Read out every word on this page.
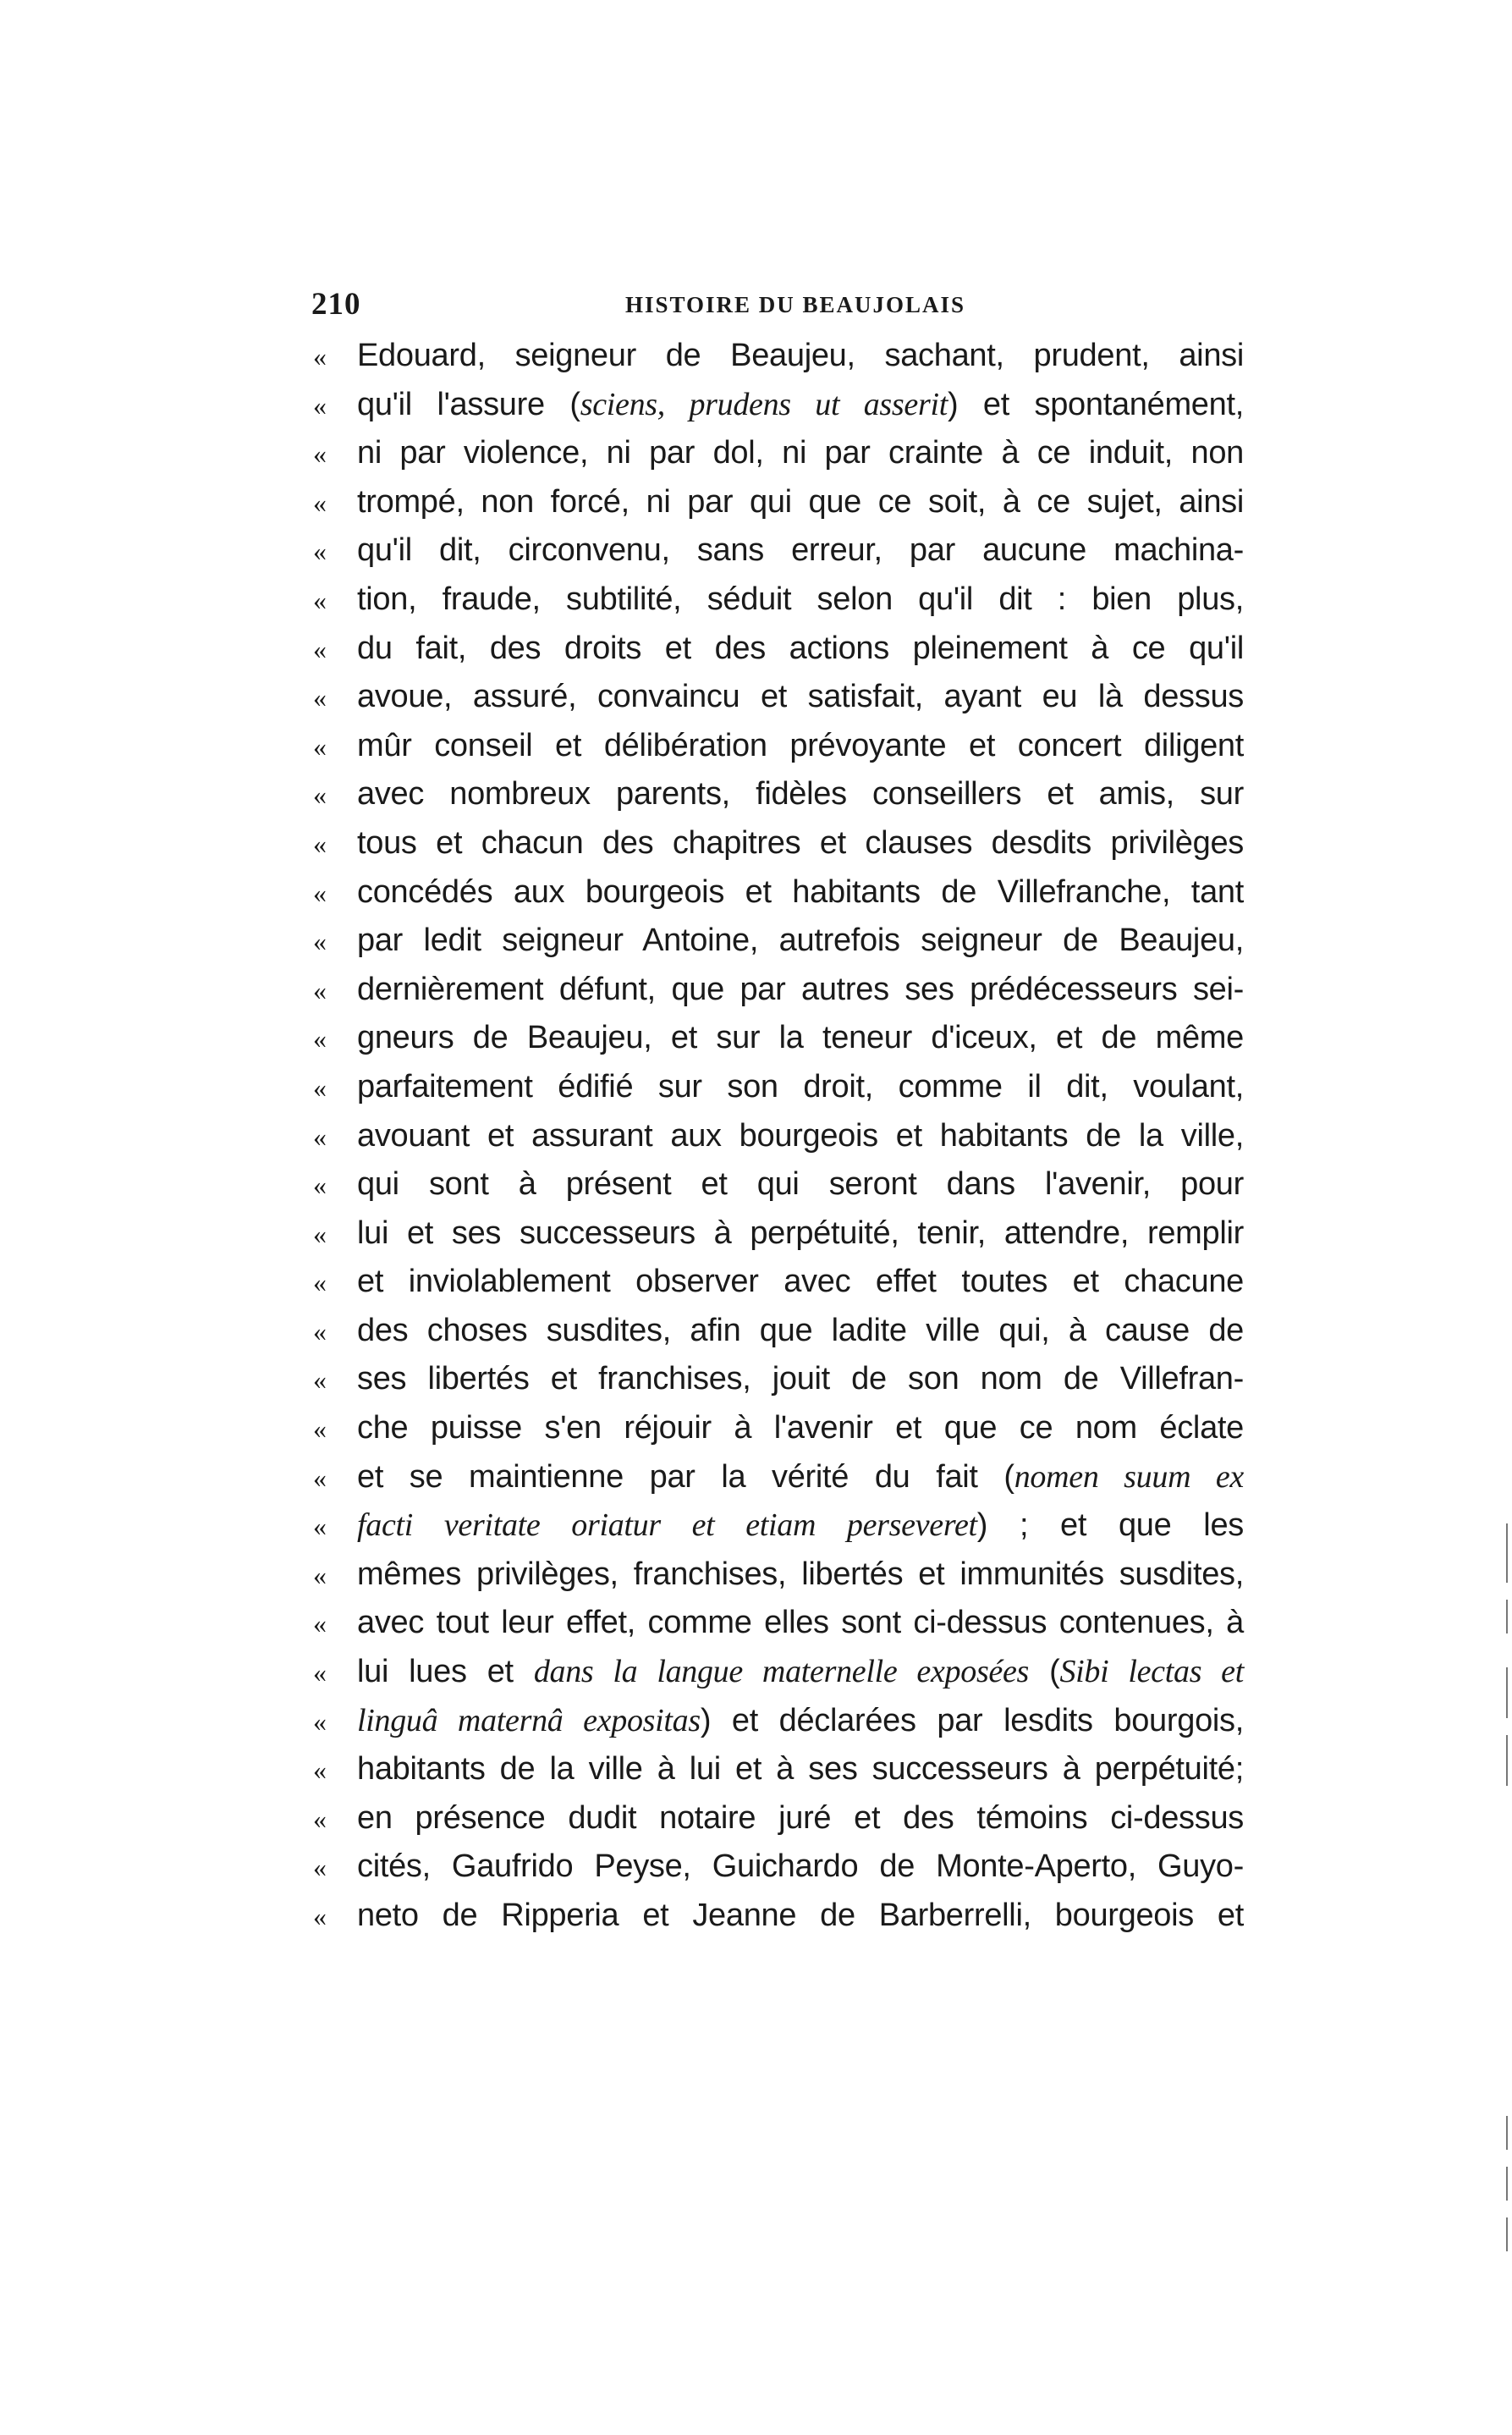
210	HISTOIRE DU BEAUJOLAIS
« Edouard, seigneur de Beaujeu, sachant, prudent, ainsi
« qu'il l'assure (sciens, prudens ut asserit) et spontanément,
« ni par violence, ni par dol, ni par crainte à ce induit, non
« trompé, non forcé, ni par qui que ce soit, à ce sujet, ainsi
« qu'il dit, circonvenu, sans erreur, par aucune machina-
« tion, fraude, subtilité, séduit selon qu'il dit : bien plus,
« du fait, des droits et des actions pleinement à ce qu'il
« avoue, assuré, convaincu et satisfait, ayant eu là dessus
« mûr conseil et délibération prévoyante et concert diligent
« avec nombreux parents, fidèles conseillers et amis, sur
« tous et chacun des chapitres et clauses desdits privilèges
« concédés aux bourgeois et habitants de Villefranche, tant
« par ledit seigneur Antoine, autrefois seigneur de Beaujeu,
« dernièrement défunt, que par autres ses prédécesseurs sei-
« gneurs de Beaujeu, et sur la teneur d'iceux, et de même
« parfaitement édifié sur son droit, comme il dit, voulant,
« avouant et assurant aux bourgeois et habitants de la ville,
« qui sont à présent et qui seront dans l'avenir, pour
« lui et ses successeurs à perpétuité, tenir, attendre, remplir
« et inviolablement observer avec effet toutes et chacune
« des choses susdites, afin que ladite ville qui, à cause de
« ses libertés et franchises, jouit de son nom de Villefran-
« che puisse s'en réjouir à l'avenir et que ce nom éclate
« et se maintienne par la vérité du fait (nomen suum ex
« facti veritate oriatur et etiam perseveret) ; et que les
« mêmes privilèges, franchises, libertés et immunités susdites,
« avec tout leur effet, comme elles sont ci-dessus contenues, à
« lui lues et dans la langue maternelle exposées (Sibi lectas et
« linguâ maternâ expositas) et déclarées par lesdits bourgois,
« habitants de la ville à lui et à ses successeurs à perpétuité;
« en présence dudit notaire juré et des témoins ci-dessus
« cités, Gaufrido Peyse, Guichardo de Monte-Aperto, Guyo-
« neto de Ripperia et Jeanne de Barberrelli, bourgeois et
